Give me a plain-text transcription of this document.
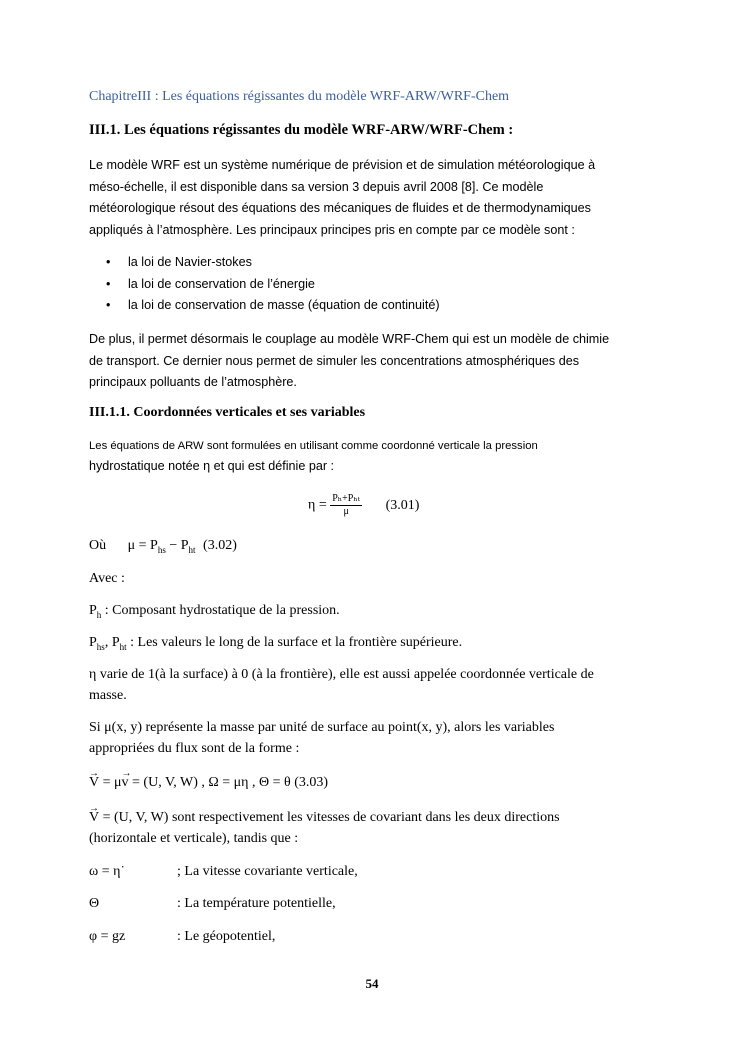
ChapitreIII : Les équations régissantes du modèle WRF-ARW/WRF-Chem
III.1. Les équations régissantes du modèle WRF-ARW/WRF-Chem :
Le modèle WRF est un système numérique de prévision et de simulation météorologique à
méso-échelle, il est disponible dans sa version 3 depuis avril 2008 [8]. Ce modèle
météorologique résout des équations des mécaniques de fluides et de thermodynamiques
appliqués à l’atmosphère. Les principaux principes pris en compte par ce modèle sont :
• la loi de Navier-stokes
• la loi de conservation de l’énergie
• la loi de conservation de masse (équation de continuité)
De plus, il permet désormais le couplage au modèle WRF-Chem qui est un modèle de chimie
de transport. Ce dernier nous permet de simuler les concentrations atmosphériques des
principaux polluants de l’atmosphère.
III.1.1. Coordonnées verticales et ses variables
Les équations de ARW sont formulées en utilisant comme coordonné verticale la pression
hydrostatique notée η et qui est définie par :
$\eta = \frac{\text{Pₕ+Pₕₜ}}{\mu} (3.01)$
Où $\mu = P_{hs} - P_{ht}$ (3.02)
Avec :
$P_h$ : Composant hydrostatique de la pression.
$P_{hs}$, $P_{ht}$ : Les valeurs le long de la surface et la frontière supérieure.
η varie de 1(à la surface) à 0 (à la frontière), elle est aussi appelée coordonnée verticale de
masse.
Si μ(x, y) représente la masse par unité de surface au point(x, y), alors les variables
appropriées du flux sont de la forme :
→ V = μ→ v = (U, V, W) , Ω = μη , Θ = θ (3.03)
→ V = (U, V, W) sont respectivement les vitesses de covariant dans les deux directions
(horizontale et verticale), tandis que :
ω = η˙	; La vitesse covariante verticale,
Θ	: La température potentielle,
φ = gz	: Le géopotentiel,
54
